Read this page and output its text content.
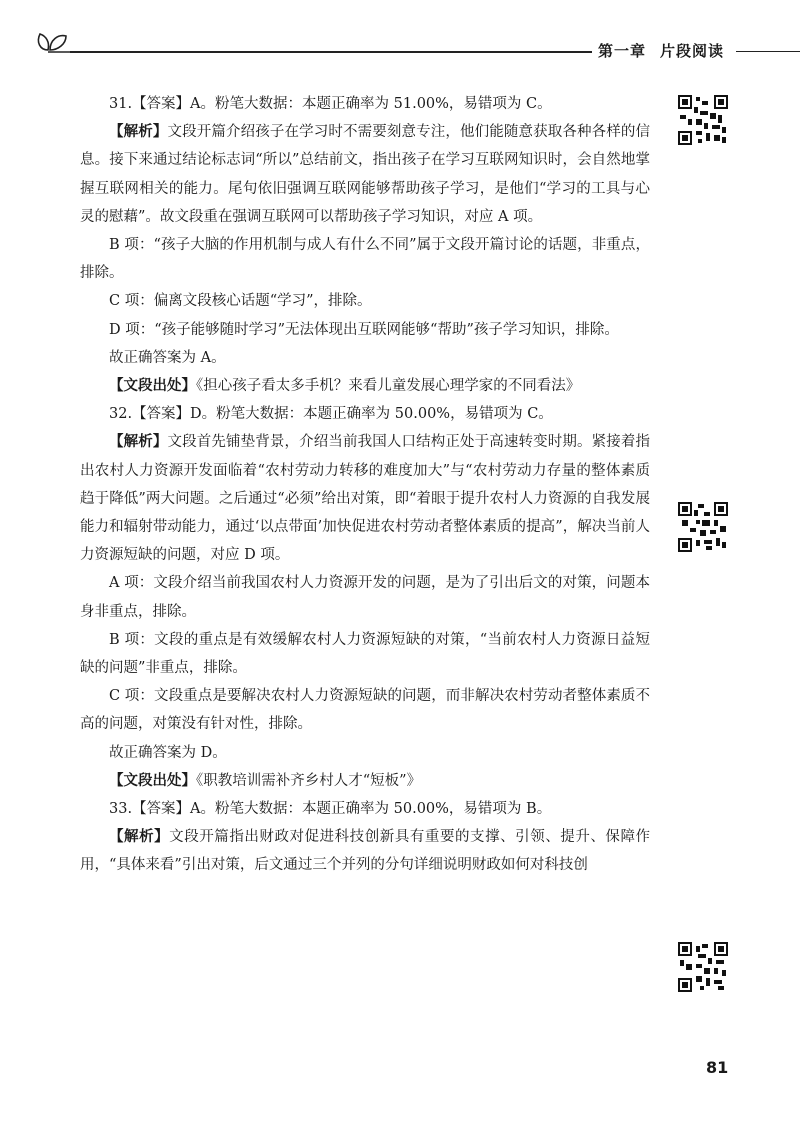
第一章 片段阅读

31.【答案】A。粉笔大数据：本题正确率为 51.00%，易错项为 C。

【解析】文段开篇介绍孩子在学习时不需要刻意专注，他们能随意获取各种各样的信息。接下来通过结论标志词“所以”总结前文，指出孩子在学习互联网知识时，会自然地掌握互联网相关的能力。尾句依旧强调互联网能够帮助孩子学习，是他们“学习的工具与心灵的慰藉”。故文段重在强调互联网可以帮助孩子学习知识，对应 A 项。

B 项：“孩子大脑的作用机制与成人有什么不同”属于文段开篇讨论的话题，非重点，排除。

C 项：偏离文段核心话题“学习”，排除。

D 项：“孩子能够随时学习”无法体现出互联网能够“帮助”孩子学习知识，排除。

故正确答案为 A。

【文段出处】《担心孩子看太多手机？来看儿童发展心理学家的不同看法》

32.【答案】D。粉笔大数据：本题正确率为 50.00%，易错项为 C。

【解析】文段首先铺垫背景，介绍当前我国人口结构正处于高速转变时期。紧接着指出农村人力资源开发面临着“农村劳动力转移的难度加大”与“农村劳动力存量的整体素质趋于降低”两大问题。之后通过“必须”给出对策，即“着眼于提升农村人力资源的自我发展能力和辐射带动能力，通过‘以点带面’加快促进农村劳动者整体素质的提高”，解决当前人力资源短缺的问题，对应 D 项。

A 项：文段介绍当前我国农村人力资源开发的问题，是为了引出后文的对策，问题本身非重点，排除。

B 项：文段的重点是有效缓解农村人力资源短缺的对策，“当前农村人力资源日益短缺的问题”非重点，排除。

C 项：文段重点是要解决农村人力资源短缺的问题，而非解决农村劳动者整体素质不高的问题，对策没有针对性，排除。

故正确答案为 D。

【文段出处】《职教培训需补齐乡村人才“短板”》

33.【答案】A。粉笔大数据：本题正确率为 50.00%，易错项为 B。

【解析】文段开篇指出财政对促进科技创新具有重要的支撑、引领、提升、保障作用，“具体来看”引出对策，后文通过三个并列的分句详细说明财政如何对科技创

81
